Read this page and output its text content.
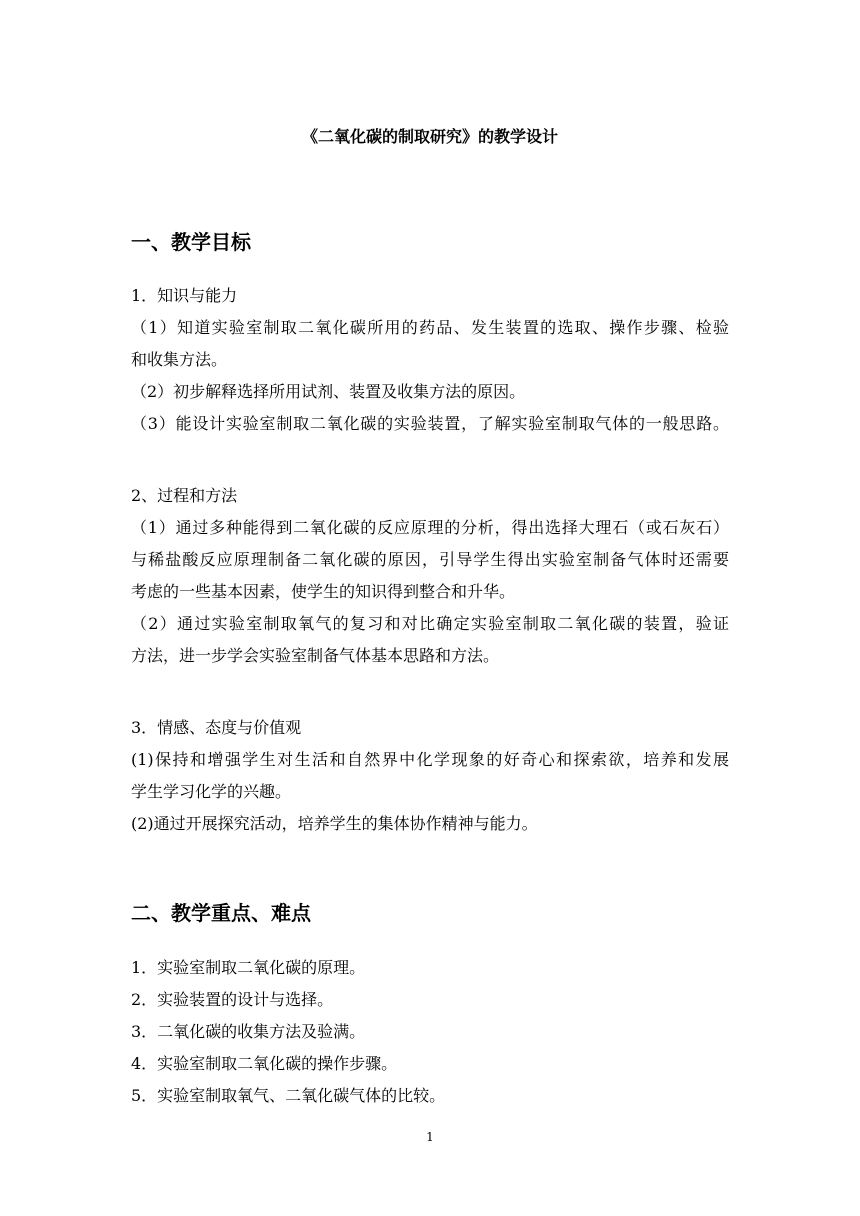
《二氧化碳的制取研究》的教学设计
一、教学目标
1．知识与能力
（1）知道实验室制取二氧化碳所用的药品、发生装置的选取、操作步骤、检验
和收集方法。
（2）初步解释选择所用试剂、装置及收集方法的原因。
（3）能设计实验室制取二氧化碳的实验装置，了解实验室制取气体的一般思路。
2、过程和方法
（1）通过多种能得到二氧化碳的反应原理的分析，得出选择大理石（或石灰石）
与稀盐酸反应原理制备二氧化碳的原因，引导学生得出实验室制备气体时还需要
考虑的一些基本因素，使学生的知识得到整合和升华。
（2）通过实验室制取氧气的复习和对比确定实验室制取二氧化碳的装置，验证
方法，进一步学会实验室制备气体基本思路和方法。
3．情感、态度与价值观
(1)保持和增强学生对生活和自然界中化学现象的好奇心和探索欲，培养和发展
学生学习化学的兴趣。
(2)通过开展探究活动，培养学生的集体协作精神与能力。
二、教学重点、难点
1．实验室制取二氧化碳的原理。
2．实验装置的设计与选择。
3．二氧化碳的收集方法及验满。
4．实验室制取二氧化碳的操作步骤。
5．实验室制取氧气、二氧化碳气体的比较。
1
